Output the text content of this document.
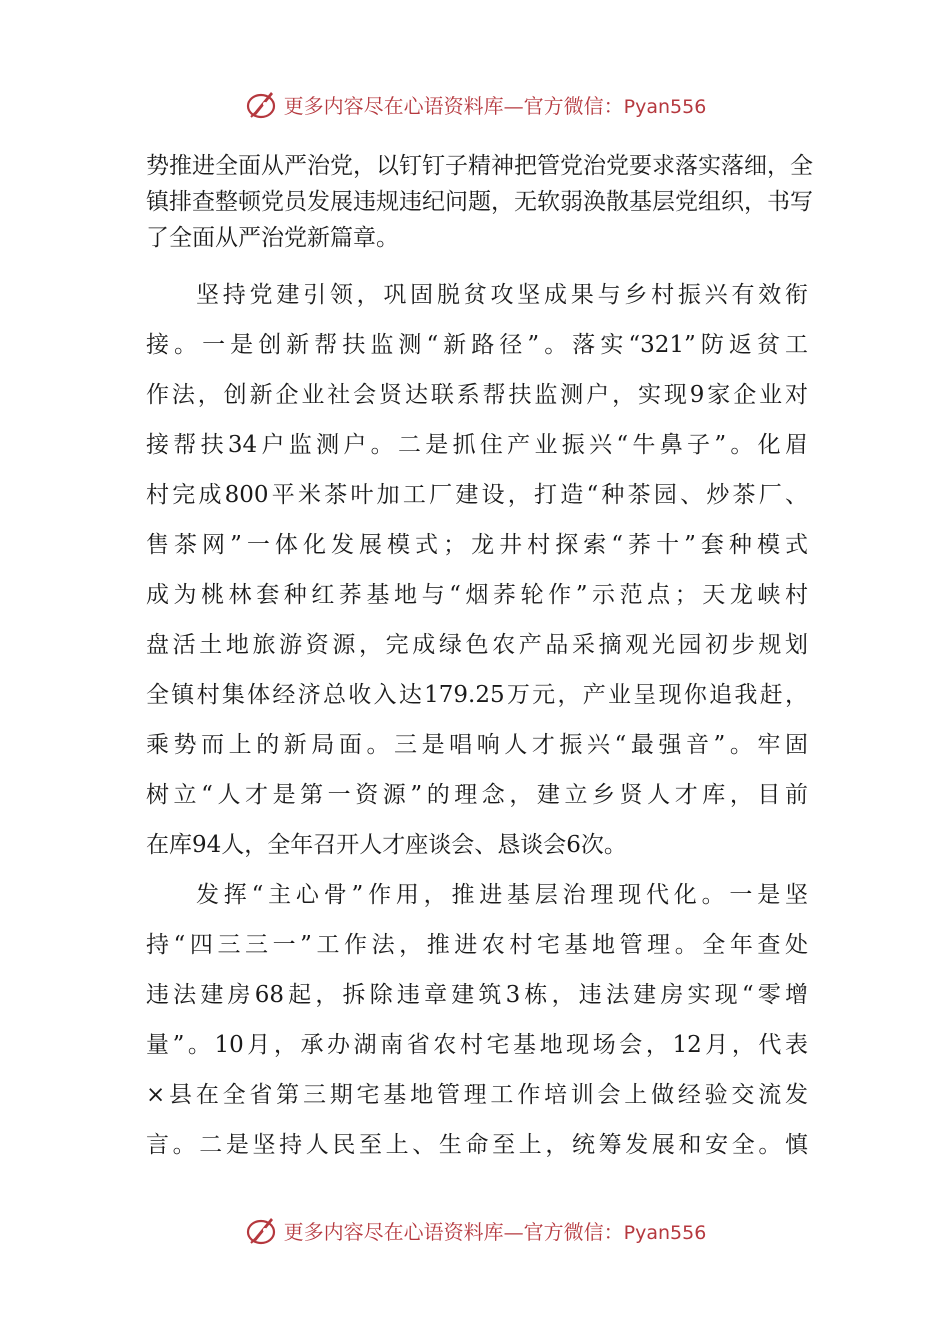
更多内容尽在心语资料库—官方微信：Pyan556
势推进全面从严治党，以钉钉子精神把管党治党要求落实落细，全
镇排查整顿党员发展违规违纪问题，无软弱涣散基层党组织，书写
了全面从严治党新篇章。
坚持党建引领，巩固脱贫攻坚成果与乡村振兴有效衔
接。一是创新帮扶监测“新路径”。落实“321”防返贫工
作法，创新企业社会贤达联系帮扶监测户，实现9家企业对
接帮扶34户监测户。二是抓住产业振兴“牛鼻子”。化眉
村完成800平米茶叶加工厂建设，打造“种茶园、炒茶厂、
售茶网”一体化发展模式；龙井村探索“荞十”套种模式
成为桃林套种红荞基地与“烟荞轮作”示范点；天龙峡村
盘活土地旅游资源，完成绿色农产品采摘观光园初步规划
全镇村集体经济总收入达179.25万元，产业呈现你追我赶，
乘势而上的新局面。三是唱响人才振兴“最强音”。牢固
树立“人才是第一资源”的理念，建立乡贤人才库，目前
在库94人，全年召开人才座谈会、恳谈会6次。
发挥“主心骨”作用，推进基层治理现代化。一是坚
持“四三三一”工作法，推进农村宅基地管理。全年查处
违法建房68起，拆除违章建筑3栋，违法建房实现“零增
量”。10月，承办湖南省农村宅基地现场会，12月，代表
×县在全省第三期宅基地管理工作培训会上做经验交流发
言。二是坚持人民至上、生命至上，统筹发展和安全。慎
更多内容尽在心语资料库—官方微信：Pyan556
